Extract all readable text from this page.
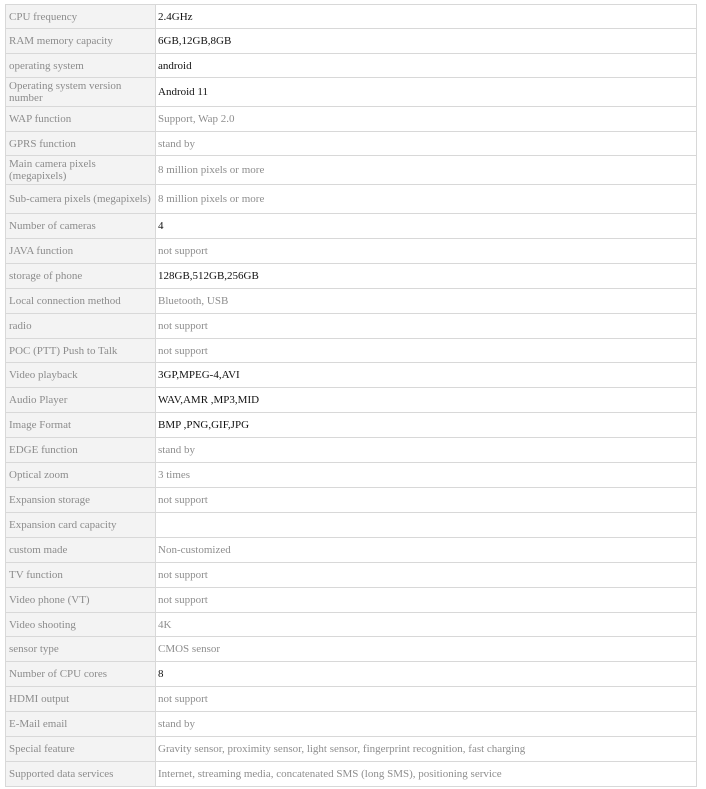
CPU frequency	2.4GHz
RAM memory capacity	6GB,12GB,8GB
operating system	android
Operating system version number	Android 11
WAP function	Support, Wap 2.0
GPRS function	stand by
Main camera pixels (megapixels)	8 million pixels or more
Sub-camera pixels (megapixels)	8 million pixels or more
Number of cameras	4
JAVA function	not support
storage of phone	128GB,512GB,256GB
Local connection method	Bluetooth, USB
radio	not support
POC (PTT) Push to Talk	not support
Video playback	3GP,MPEG-4,AVI
Audio Player	WAV,AMR ,MP3,MID
Image Format	BMP ,PNG,GIF,JPG
EDGE function	stand by
Optical zoom	3 times
Expansion storage	not support
Expansion card capacity	
custom made	Non-customized
TV function	not support
Video phone (VT)	not support
Video shooting	4K
sensor type	CMOS sensor
Number of CPU cores	8
HDMI output	not support
E-Mail email	stand by
Special feature	Gravity sensor, proximity sensor, light sensor, fingerprint recognition, fast charging
Supported data services	Internet, streaming media, concatenated SMS (long SMS), positioning service
